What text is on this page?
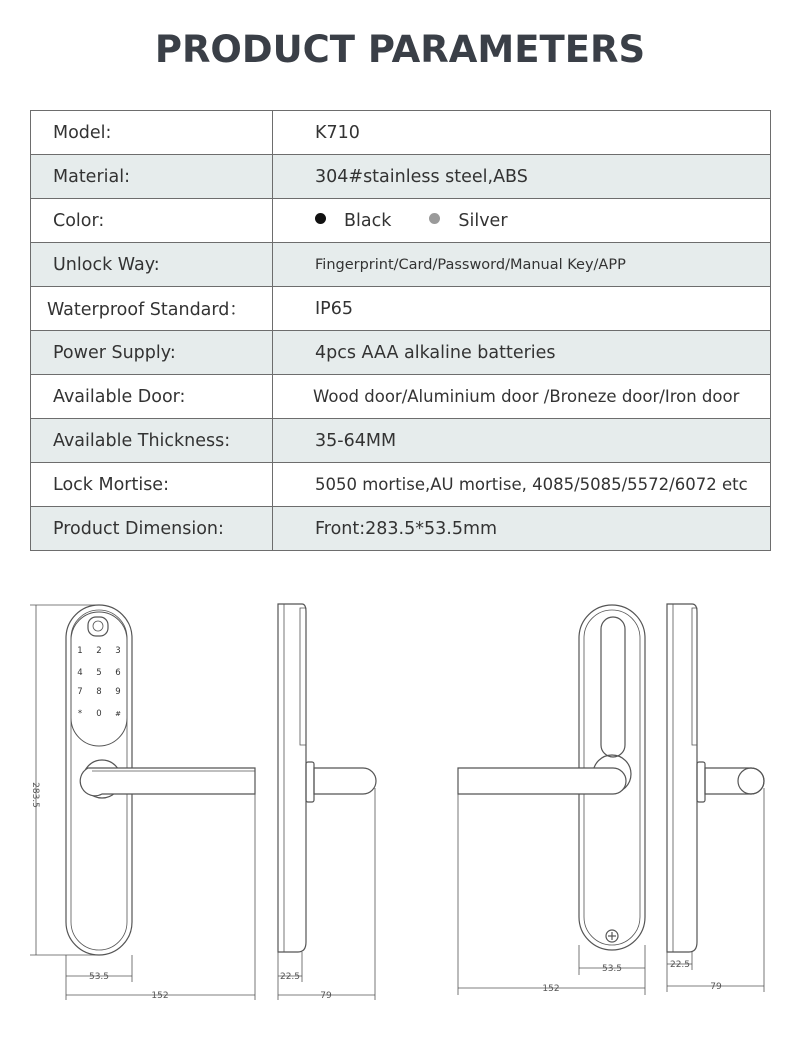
PRODUCT PARAMETERS
Model:	K710
Material:	304#stainless steel,ABS
Color:	Black Silver
Unlock Way:	Fingerprint/Card/Password/Manual Key/APP
Waterproof Standard：	IP65
Power Supply:	4pcs AAA alkaline batteries
Available Door:	Wood door/Aluminium door /Broneze door/Iron door
Available Thickness:	35-64MM
Lock Mortise:	5050 mortise,AU mortise, 4085/5085/5572/6072 etc
Product Dimension:	Front:283.5*53.5mm
1 2 3
4 5 6
7 8 9
* 0 #
283.5
53.5
152
22.5
79
53.5
152
22.5
79
